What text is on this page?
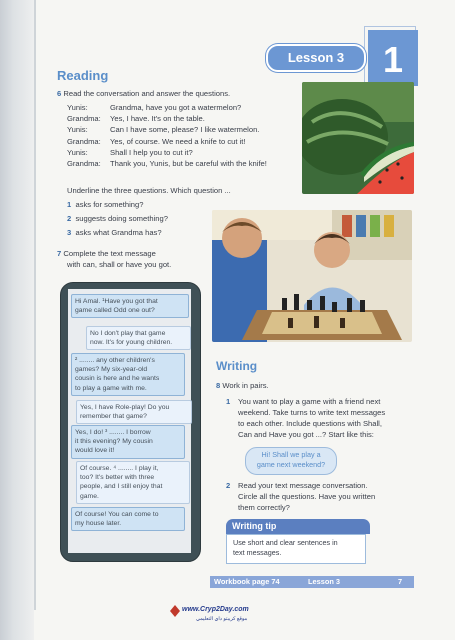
1
Lesson 3
Reading
6 Read the conversation and answer the questions.
Yunis:	Grandma, have you got a watermelon?
Grandma: Yes, I have. It's on the table.
Yunis:	Can I have some, please? I like watermelon.
Grandma: Yes, of course. We need a knife to cut it!
Yunis:	Shall I help you to cut it?
Grandma: Thank you, Yunis, but be careful with the knife!
Underline the three questions. Which question ...
1 asks for something?
2 suggests doing something?
3 asks what Grandma has?
7 Complete the text message
with can, shall or have you got.
Hi Amal. ¹Have you got that
game called Odd one out?
No I don't play that game
now. It's for young children.
² ........ any other children's
games? My six-year-old
cousin is here and he wants
to play a game with me.
Yes, I have Role-play! Do you
remember that game?
Yes, I do! ³ ........ I borrow
it this evening? My cousin
would love it!
Of course. ⁴ ........ I play it,
too? It's better with three
people, and I still enjoy that
game.
Of course! You can come to
my house later.
Writing
8 Work in pairs.
1 You want to play a game with a friend next
weekend. Take turns to write text messages
to each other. Include questions with Shall,
Can and Have you got ...? Start like this:
Hi! Shall we play a
game next weekend?
2 Read your text message conversation.
Circle all the questions. Have you written
them correctly?
Writing tip
Use short and clear sentences in
text messages.
Workbook page 74	Lesson 3	7
www.Cryp2Day.com
موقع كريبتو داي التعليمي
